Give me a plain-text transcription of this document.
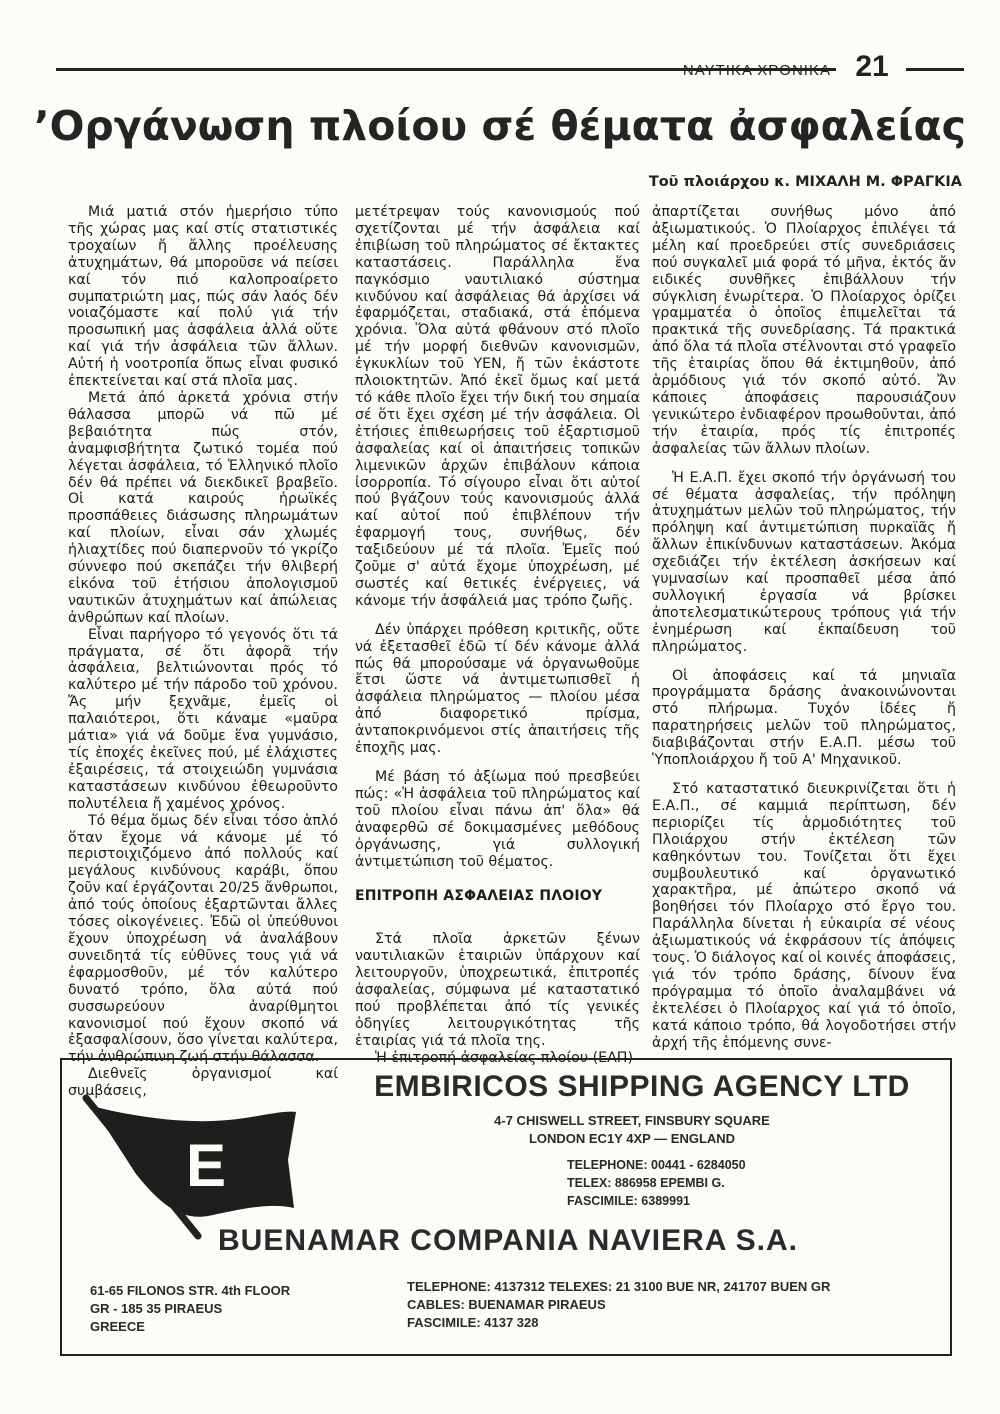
ΝΑΥΤΙΚΑ ΧΡΟΝΙΚΑ 21
’Οργάνωση πλοίου σέ θέματα ἀσφαλείας
Τοῦ πλοιάρχου κ. ΜΙΧΑΛΗ Μ. ΦΡΑΓΚΙΑ

Μιά ματιά στόν ἡμερήσιο τύπο τῆς χώρας μας καί στίς στατιστικές τροχαίων ἤ ἄλλης προέλευσης ἀτυχημάτων, θά μποροῦσε νά πείσει καί τόν πιό καλοπροαίρετο συμπατριώτη μας, πώς σάν λαός δέν νοιαζόμαστε καί πολύ γιά τήν προσωπική μας ἀσφάλεια ἀλλά οὔτε καί γιά τήν ἀσφάλεια τῶν ἄλλων. Αὐτή ἡ νοοτροπία ὅπως εἶναι φυσικό ἐπεκτείνεται καί στά πλοῖα μας.

Μετά ἀπό ἀρκετά χρόνια στήν θάλασσα μπορῶ νά πῶ μέ βεβαιότητα πώς στόν, ἀναμφισβήτητα ζωτικό τομέα πού λέγεται ἀσφάλεια, τό Ἑλληνικό πλοῖο δέν θά πρέπει νά διεκδικεῖ βραβεῖο. Οἱ κατά καιρούς ἡρωϊκές προσπάθειες διάσωσης πληρωμάτων καί πλοίων, εἶναι σάν χλωμές ἡλιαχτίδες πού διαπερνοῦν τό γκρίζο σύννεφο πού σκεπάζει τήν θλιβερή εἰκόνα τοῦ ἐτήσιου ἀπολογισμοῦ ναυτικῶν ἀτυχημάτων καί ἀπώλειας ἀνθρώπων καί πλοίων.

Εἶναι παρήγορο τό γεγονός ὅτι τά πράγματα, σέ ὅτι ἀφορᾶ τήν ἀσφάλεια, βελτιώνονται πρός τό καλύτερο μέ τήν πάροδο τοῦ χρόνου. Ἄς μήν ξεχνᾶμε, ἐμεῖς οἱ παλαιότεροι, ὅτι κάναμε «μαῦρα μάτια» γιά νά δοῦμε ἕνα γυμνάσιο, τίς ἐποχές ἐκεῖνες πού, μέ ἐλάχιστες ἐξαιρέσεις, τά στοιχειώδη γυμνάσια καταστάσεων κινδύνου ἐθεωροῦντο πολυτέλεια ἤ χαμένος χρόνος.

Τό θέμα ὅμως δέν εἶναι τόσο ἁπλό ὅταν ἔχομε νά κάνομε μέ τό περιστοιχιζόμενο ἀπό πολλούς καί μεγάλους κινδύνους καράβι, ὅπου ζοῦν καί ἐργάζονται 20/25 ἄνθρωποι, ἀπό τούς ὁποίους ἐξαρτῶνται ἄλλες τόσες οἰκογένειες. Ἐδῶ οἱ ὑπεύθυνοι ἔχουν ὑποχρέωση νά ἀναλάβουν συνειδητά τίς εὐθῦνες τους γιά νά ἐφαρμοσθοῦν, μέ τόν καλύτερο δυνατό τρόπο, ὅλα αὐτά πού συσσωρεύουν ἀναρίθμητοι κανονισμοί πού ἔχουν σκοπό νά ἐξασφαλίσουν, ὅσο γίνεται καλύτερα, τήν ἀνθρώπινη ζωή στήν θάλασσα.

Διεθνεῖς ὀργανισμοί καί συμβάσεις,

μετέτρεψαν τούς κανονισμούς πού σχετίζονται μέ τήν ἀσφάλεια καί ἐπιβίωση τοῦ πληρώματος σέ ἔκτακτες καταστάσεις. Παράλληλα ἕνα παγκόσμιο ναυτιλιακό σύστημα κινδύνου καί ἀσφάλειας θά ἀρχίσει νά ἐφαρμόζεται, σταδιακά, στά ἑπόμενα χρόνια. Ὅλα αὐτά φθάνουν στό πλοῖο μέ τήν μορφή διεθνῶν κανονισμῶν, ἐγκυκλίων τοῦ ΥΕΝ, ἤ τῶν ἑκάστοτε πλοιοκτητῶν. Ἀπό ἐκεῖ ὅμως καί μετά τό κάθε πλοῖο ἔχει τήν δική του σημαία σέ ὅτι ἔχει σχέση μέ τήν ἀσφάλεια. Οἱ ἐτήσιες ἐπιθεωρήσεις τοῦ ἐξαρτισμοῦ ἀσφαλείας καί οἱ ἀπαιτήσεις τοπικῶν λιμενικῶν ἀρχῶν ἐπιβάλουν κάποια ἰσορροπία. Τό σίγουρο εἶναι ὅτι αὐτοί πού βγάζουν τούς κανονισμούς ἀλλά καί αὐτοί πού ἐπιβλέπουν τήν ἐφαρμογή τους, συνήθως, δέν ταξιδεύουν μέ τά πλοῖα. Ἐμεῖς πού ζοῦμε σ' αὐτά ἔχομε ὑποχρέωση, μέ σωστές καί θετικές ἐνέργειες, νά κάνομε τήν ἀσφάλειά μας τρόπο ζωῆς.

Δέν ὑπάρχει πρόθεση κριτικῆς, οὔτε νά ἐξετασθεῖ ἐδῶ τί δέν κάνομε ἀλλά πώς θά μπορούσαμε νά ὀργανωθοῦμε ἔτσι ὥστε νά ἀντιμετωπισθεῖ ἡ ἀσφάλεια πληρώματος — πλοίου μέσα ἀπό διαφορετικό πρίσμα, ἀνταποκρινόμενοι στίς ἀπαιτήσεις τῆς ἐποχῆς μας.

Μέ βάση τό ἀξίωμα πού πρεσβεύει πώς: «Ἡ ἀσφάλεια τοῦ πληρώματος καί τοῦ πλοίου εἶναι πάνω ἀπ' ὅλα» θά ἀναφερθῶ σέ δοκιμασμένες μεθόδους ὀργάνωσης, γιά συλλογική ἀντιμετώπιση τοῦ θέματος.

ΕΠΙΤΡΟΠΗ ΑΣΦΑΛΕΙΑΣ ΠΛΟΙΟΥ

Στά πλοῖα ἀρκετῶν ξένων ναυτιλιακῶν ἑταιριῶν ὑπάρχουν καί λειτουργοῦν, ὑποχρεωτικά, ἐπιτροπές ἀσφαλείας, σύμφωνα μέ καταστατικό πού προβλέπεται ἀπό τίς γενικές ὁδηγίες λειτουργικότητας τῆς ἑταιρίας γιά τά πλοῖα της.

Ἡ ἐπιτροπή ἀσφαλείας πλοίου (ΕΑΠ)

ἀπαρτίζεται συνήθως μόνο ἀπό ἀξιωματικούς. Ὁ Πλοίαρχος ἐπιλέγει τά μέλη καί προεδρεύει στίς συνεδριάσεις πού συγκαλεῖ μιά φορά τό μῆνα, ἐκτός ἄν ειδικές συνθῆκες ἐπιβάλλουν τήν σύγκλιση ἐνωρίτερα. Ὁ Πλοίαρχος ὁρίζει γραμματέα ὁ ὁποῖος ἐπιμελεῖται τά πρακτικά τῆς συνεδρίασης. Τά πρακτικά ἀπό ὅλα τά πλοῖα στέλνονται στό γραφεῖο τῆς ἑταιρίας ὅπου θά ἐκτιμηθοῦν, ἀπό ἁρμόδιους γιά τόν σκοπό αὐτό. Ἄν κάποιες ἀποφάσεις παρουσιάζουν γενικώτερο ἐνδιαφέρον προωθοῦνται, ἀπό τήν ἑταιρία, πρός τίς ἐπιτροπές ἀσφαλείας τῶν ἄλλων πλοίων.

Ἡ Ε.Α.Π. ἔχει σκοπό τήν ὀργάνωσή του σέ θέματα ἀσφαλείας, τήν πρόληψη ἀτυχημάτων μελῶν τοῦ πληρώματος, τήν πρόληψη καί ἀντιμετώπιση πυρκαϊᾶς ἤ ἄλλων ἐπικίνδυνων καταστάσεων. Ἀκόμα σχεδιάζει τήν ἐκτέλεση ἀσκήσεων καί γυμνασίων καί προσπαθεῖ μέσα ἀπό συλλογική ἐργασία νά βρίσκει ἀποτελεσματικώτερους τρόπους γιά τήν ἐνημέρωση καί ἐκπαίδευση τοῦ πληρώματος.

Οἱ ἀποφάσεις καί τά μηνιαῖα προγράμματα δράσης ἀνακοινώνονται στό πλήρωμα. Τυχόν ἰδέες ἤ παρατηρήσεις μελῶν τοῦ πληρώματος, διαβιβάζονται στήν Ε.Α.Π. μέσω τοῦ Ὑποπλοιάρχου ἤ τοῦ Α' Μηχανικοῦ.

Στό καταστατικό διευκρινίζεται ὅτι ἡ Ε.Α.Π., σέ καμμιά περίπτωση, δέν περιορίζει τίς ἁρμοδιότητες τοῦ Πλοιάρχου στήν ἐκτέλεση τῶν καθηκόντων του. Τονίζεται ὅτι ἔχει συμβουλευτικό καί ὀργανωτικό χαρακτῆρα, μέ ἀπώτερο σκοπό νά βοηθήσει τόν Πλοίαρχο στό ἔργο του. Παράλληλα δίνεται ἡ εὐκαιρία σέ νέους ἀξιωματικούς νά ἐκφράσουν τίς ἀπόψεις τους. Ὁ διάλογος καί οἱ κοινές ἀποφάσεις, γιά τόν τρόπο δράσης, δίνουν ἕνα πρόγραμμα τό ὁποῖο ἀναλαμβάνει νά ἐκτελέσει ὁ Πλοίαρχος καί γιά τό ὁποῖο, κατά κάποιο τρόπο, θά λογοδοτήσει στήν ἀρχή τῆς ἑπόμενης συνε-

E
EMBIRICOS SHIPPING AGENCY LTD
4-7 CHISWELL STREET, FINSBURY SQUARE
LONDON EC1Y 4XP — ENGLAND
TELEPHONE: 00441 - 6284050
TELEX: 886958 EPEMBI G.
FASCIMILE: 6389991
BUENAMAR COMPANIA NAVIERA S.A.
61-65 FILONOS STR. 4th FLOOR
GR - 185 35 PIRAEUS
GREECE
TELEPHONE: 4137312 TELEXES: 21 3100 BUE NR, 241707 BUEN GR
CABLES: BUENAMAR PIRAEUS
FASCIMILE: 4137 328
